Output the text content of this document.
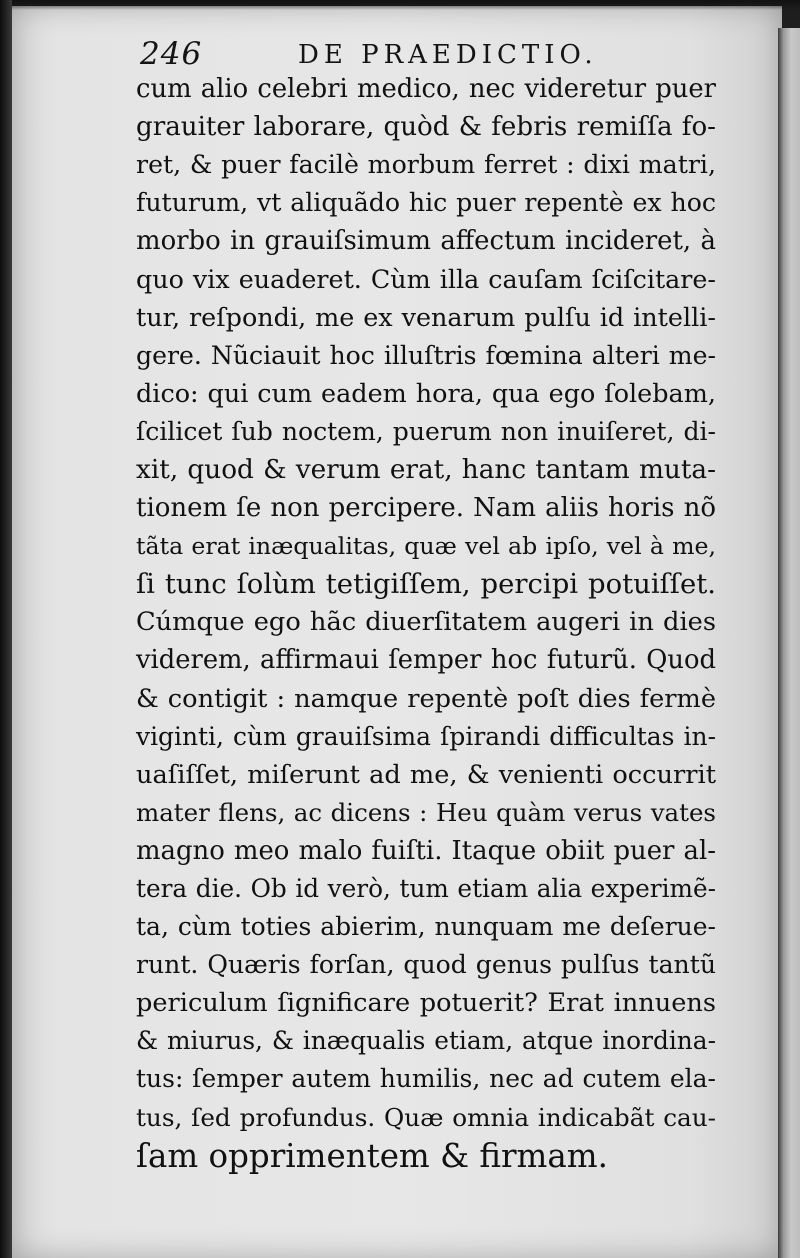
246	DE PRAEDICTIO.
cum alio celebri medico, nec videretur puer
grauiter laborare, quòd & febris remiſſa fo-
ret, & puer facilè morbum ferret : dixi matri,
futurum, vt aliquãdo hic puer repentè ex hoc
morbo in grauiſsimum affectum incideret, à
quo vix euaderet. Cùm illa cauſam ſciſcitare-
tur, reſpondi, me ex venarum pulſu id intelli-
gere. Nũciauit hoc illuſtris fœmina alteri me-
dico: qui cum eadem hora, qua ego ſolebam,
ſcilicet ſub noctem, puerum non inuiſeret, di-
xit, quod & verum erat, hanc tantam muta-
tionem ſe non percipere. Nam aliis horis nõ
tãta erat inæqualitas, quæ vel ab ipſo, vel à me,
ſi tunc ſolùm tetigiſſem, percipi potuiſſet.
Cúmque ego hãc diuerſitatem augeri in dies
viderem, affirmaui ſemper hoc futurũ. Quod
& contigit : namque repentè poſt dies fermè
viginti, cùm grauiſsima ſpirandi difficultas in-
uaſiſſet, miſerunt ad me, & venienti occurrit
mater flens, ac dicens : Heu quàm verus vates
magno meo malo fuiſti. Itaque obiit puer al-
tera die. Ob id verò, tum etiam alia experimẽ-
ta, cùm toties abierim, nunquam me deſerue-
runt. Quæris forſan, quod genus pulſus tantũ
periculum ſignificare potuerit? Erat innuens
& miurus, & inæqualis etiam, atque inordina-
tus: ſemper autem humilis, nec ad cutem ela-
tus, ſed profundus. Quæ omnia indicabãt cau-
ſam opprimentem & firmam.
